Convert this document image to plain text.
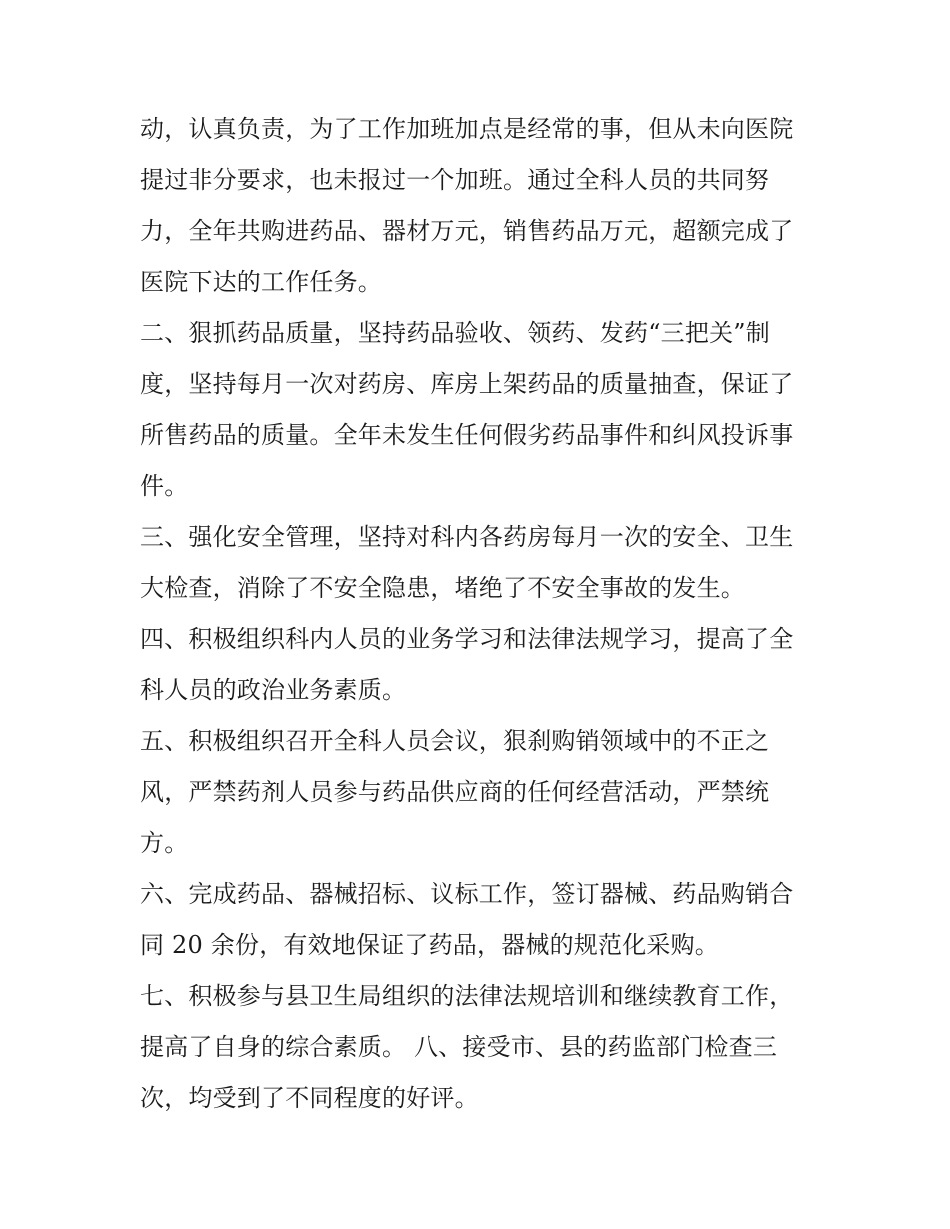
动，认真负责，为了工作加班加点是经常的事，但从未向医院
提过非分要求，也未报过一个加班。通过全科人员的共同努
力，全年共购进药品、器材万元，销售药品万元，超额完成了
医院下达的工作任务。
二、狠抓药品质量，坚持药品验收、领药、发药“三把关”制
度，坚持每月一次对药房、库房上架药品的质量抽查，保证了
所售药品的质量。全年未发生任何假劣药品事件和纠风投诉事
件。
三、强化安全管理，坚持对科内各药房每月一次的安全、卫生
大检查，消除了不安全隐患，堵绝了不安全事故的发生。
四、积极组织科内人员的业务学习和法律法规学习，提高了全
科人员的政治业务素质。
五、积极组织召开全科人员会议，狠刹购销领域中的不正之
风，严禁药剂人员参与药品供应商的任何经营活动，严禁统
方。
六、完成药品、器械招标、议标工作，签订器械、药品购销合
同 20 余份，有效地保证了药品，器械的规范化采购。
七、积极参与县卫生局组织的法律法规培训和继续教育工作，
提高了自身的综合素质。 八、接受市、县的药监部门检查三
次，均受到了不同程度的好评。
